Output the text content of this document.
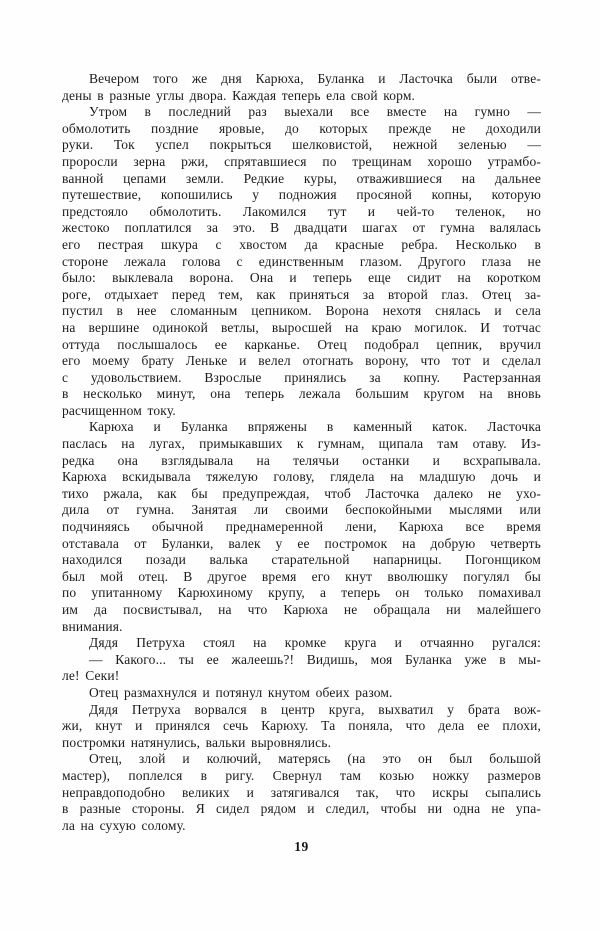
Вечером того же дня Карюха, Буланка и Ласточка были отве-
дены в разные углы двора. Каждая теперь ела свой корм.
Утром в последний раз выехали все вместе на гумно —
обмолотить поздние яровые, до которых прежде не доходили
руки. Ток успел покрыться шелковистой, нежной зеленью —
проросли зерна ржи, спрятавшиеся по трещинам хорошо утрамбо-
ванной цепами земли. Редкие куры, отважившиеся на дальнее
путешествие, копошились у подножия просяной копны, которую
предстояло обмолотить. Лакомился тут и чей-то теленок, но
жестоко поплатился за это. В двадцати шагах от гумна валялась
его пестрая шкура с хвостом да красные ребра. Несколько в
стороне лежала голова с единственным глазом. Другого глаза не
было: выклевала ворона. Она и теперь еще сидит на коротком
роге, отдыхает перед тем, как приняться за второй глаз. Отец за-
пустил в нее сломанным цепником. Ворона нехотя снялась и села
на вершине одинокой ветлы, выросшей на краю могилок. И тотчас
оттуда послышалось ее карканье. Отец подобрал цепник, вручил
его моему брату Леньке и велел отогнать ворону, что тот и сделал
с удовольствием. Взрослые принялись за копну. Растерзанная
в несколько минут, она теперь лежала большим кругом на вновь
расчищенном току.
Карюха и Буланка впряжены в каменный каток. Ласточка
паслась на лугах, примыкавших к гумнам, щипала там отаву. Из-
редка она взглядывала на телячьи останки и всхрапывала.
Карюха вскидывала тяжелую голову, глядела на младшую дочь и
тихо ржала, как бы предупреждая, чтоб Ласточка далеко не ухо-
дила от гумна. Занятая ли своими беспокойными мыслями или
подчиняясь обычной преднамеренной лени, Карюха все время
отставала от Буланки, валек у ее постромок на добрую четверть
находился позади валька старательной напарницы. Погонщиком
был мой отец. В другое время его кнут вволюшку погулял бы
по упитанному Карюхиному крупу, а теперь он только помахивал
им да посвистывал, на что Карюха не обращала ни малейшего
внимания.
Дядя Петруха стоял на кромке круга и отчаянно ругался:
— Какого... ты ее жалеешь?! Видишь, моя Буланка уже в мы-
ле! Секи!
Отец размахнулся и потянул кнутом обеих разом.
Дядя Петруха ворвался в центр круга, выхватил у брата вож-
жи, кнут и принялся сечь Карюху. Та поняла, что дела ее плохи,
постромки натянулись, вальки выровнялись.
Отец, злой и колючий, матерясь (на это он был большой
мастер), поплелся в ригу. Свернул там козью ножку размеров
неправдоподобно великих и затягивался так, что искры сыпались
в разные стороны. Я сидел рядом и следил, чтобы ни одна не упа-
ла на сухую солому.
19
